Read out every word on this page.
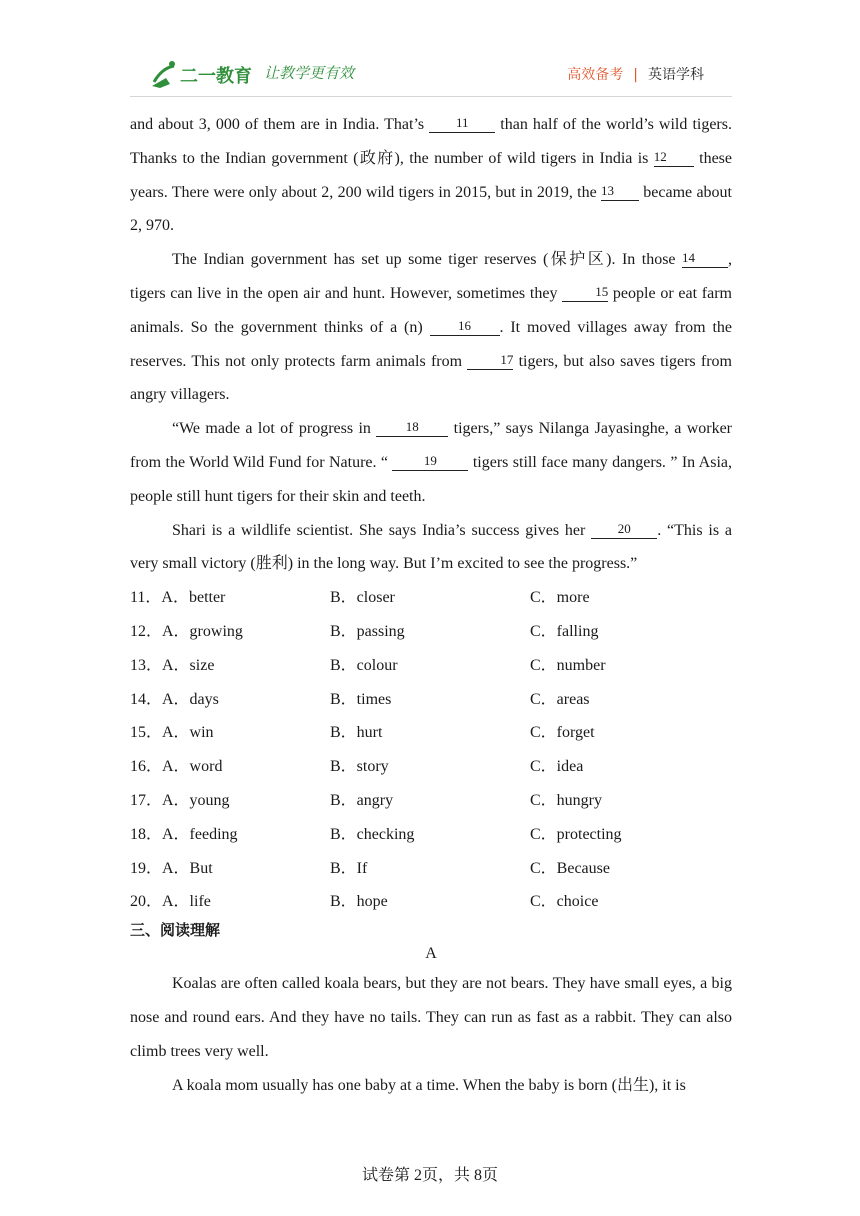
二一教育 让教学更有效	高效备考 | 英语学科

and about 3, 000 of them are in India. That’s 11 than half of the world’s wild tigers. Thanks to the Indian government (政府), the number of wild tigers in India is 12 these years. There were only about 2, 200 wild tigers in 2015, but in 2019, the 13 became about 2, 970.

The Indian government has set up some tiger reserves (保护区). In those 14 , tigers can live in the open air and hunt. However, sometimes they	15 people or eat farm animals. So the government thinks of a (n) 16 . It moved villages away from the reserves. This not only protects farm animals from	17 tigers, but also saves tigers from angry villagers.

“We made a lot of progress in 18 tigers,” says Nilanga Jayasinghe, a worker from the World Wild Fund for Nature. “ 19 tigers still face many dangers. ” In Asia, people still hunt tigers for their skin and teeth.

Shari is a wildlife scientist. She says India’s success gives her 20 . “This is a very small victory (胜利) in the long way. But I’m excited to see the progress.”

11．A．better	B．closer	C．more
12．A．growing	B．passing	C．falling
13．A．size	B．colour	C．number
14．A．days	B．times	C．areas
15．A．win	B．hurt	C．forget
16．A．word	B．story	C．idea
17．A．young	B．angry	C．hungry
18．A．feeding	B．checking	C．protecting
19．A．But	B．If	C．Because
20．A．life	B．hope	C．choice
三、阅读理解
A

Koalas are often called koala bears, but they are not bears. They have small eyes, a big nose and round ears. And they have no tails. They can run as fast as a rabbit. They can also climb trees very well.

A koala mom usually has one baby at a time. When the baby is born (出生), it is

试卷第 2页，共 8页
